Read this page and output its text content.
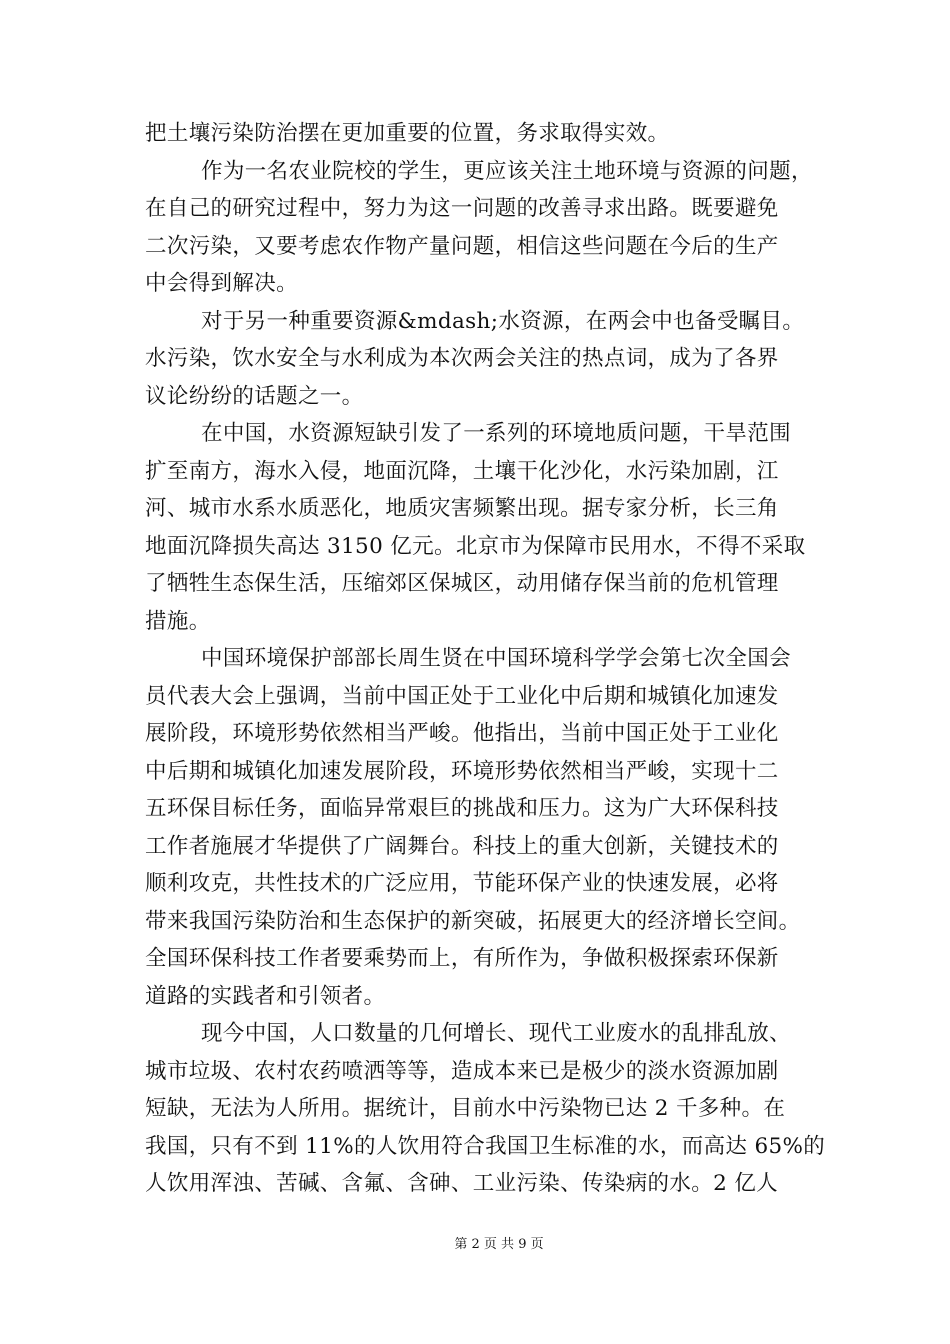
把土壤污染防治摆在更加重要的位置，务求取得实效。
作为一名农业院校的学生，更应该关注土地环境与资源的问题，
在自己的研究过程中，努力为这一问题的改善寻求出路。既要避免
二次污染，又要考虑农作物产量问题，相信这些问题在今后的生产
中会得到解决。
对于另一种重要资源&mdash;水资源，在两会中也备受瞩目。
水污染，饮水安全与水利成为本次两会关注的热点词，成为了各界
议论纷纷的话题之一。
在中国，水资源短缺引发了一系列的环境地质问题，干旱范围
扩至南方，海水入侵，地面沉降，土壤干化沙化，水污染加剧，江
河、城市水系水质恶化，地质灾害频繁出现。据专家分析，长三角
地面沉降损失高达 3150 亿元。北京市为保障市民用水，不得不采取
了牺牲生态保生活，压缩郊区保城区，动用储存保当前的危机管理
措施。
中国环境保护部部长周生贤在中国环境科学学会第七次全国会
员代表大会上强调，当前中国正处于工业化中后期和城镇化加速发
展阶段，环境形势依然相当严峻。他指出，当前中国正处于工业化
中后期和城镇化加速发展阶段，环境形势依然相当严峻，实现十二
五环保目标任务，面临异常艰巨的挑战和压力。这为广大环保科技
工作者施展才华提供了广阔舞台。科技上的重大创新，关键技术的
顺利攻克，共性技术的广泛应用，节能环保产业的快速发展，必将
带来我国污染防治和生态保护的新突破，拓展更大的经济增长空间。
全国环保科技工作者要乘势而上，有所作为，争做积极探索环保新
道路的实践者和引领者。
现今中国，人口数量的几何增长、现代工业废水的乱排乱放、
城市垃圾、农村农药喷洒等等，造成本来已是极少的淡水资源加剧
短缺，无法为人所用。据统计，目前水中污染物已达 2 千多种。在
我国，只有不到 11%的人饮用符合我国卫生标准的水，而高达 65%的
人饮用浑浊、苦碱、含氟、含砷、工业污染、传染病的水。2 亿人
第 2 页 共 9 页
